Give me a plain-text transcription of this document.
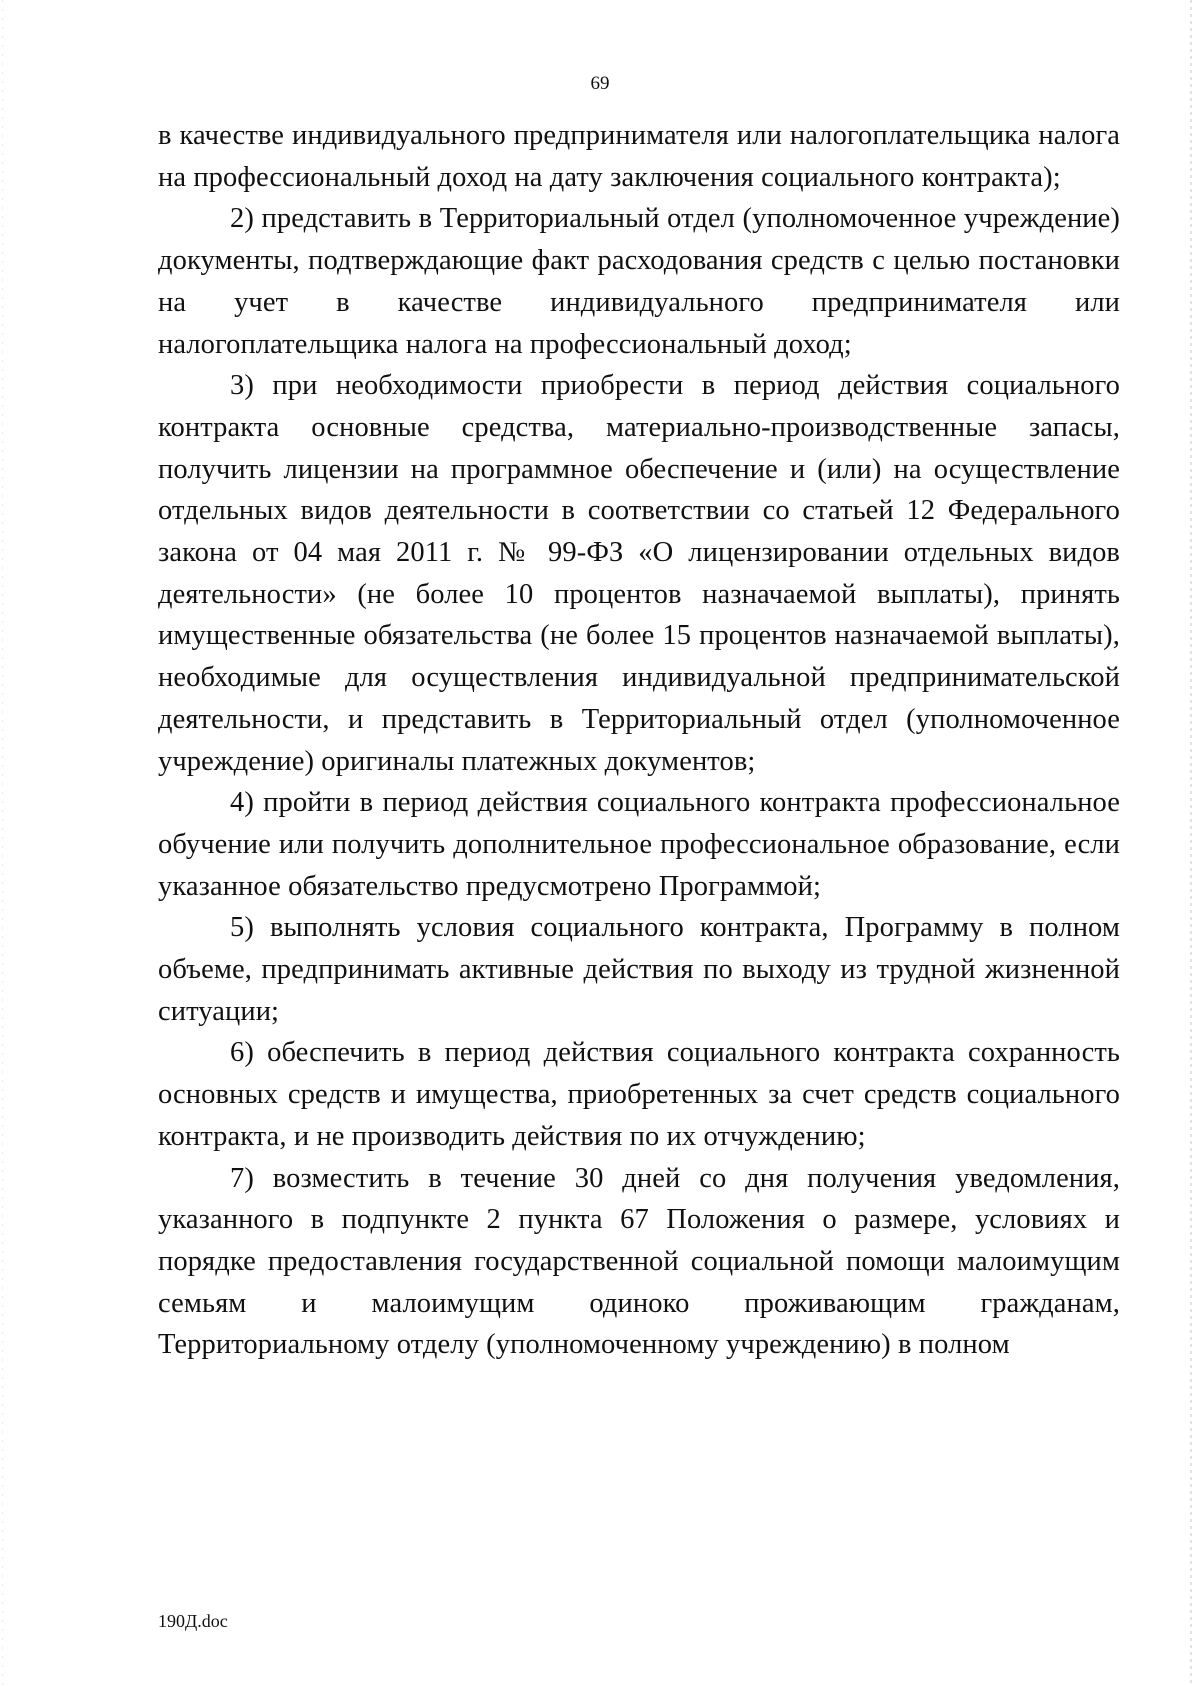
69

в качестве индивидуального предпринимателя или налогоплательщика налога на профессиональный доход на дату заключения социального контракта);

2) представить в Территориальный отдел (уполномоченное учреждение) документы, подтверждающие факт расходования средств с целью постановки на учет в качестве индивидуального предпринимателя или налогоплательщика налога на профессиональный доход;

3) при необходимости приобрести в период действия социального контракта основные средства, материально-производственные запасы, получить лицензии на программное обеспечение и (или) на осуществление отдельных видов деятельности в соответствии со статьей 12 Федерального закона от 04 мая 2011 г. № 99-ФЗ «О лицензировании отдельных видов деятельности» (не более 10 процентов назначаемой выплаты), принять имущественные обязательства (не более 15 процентов назначаемой выплаты), необходимые для осуществления индивидуальной предпринимательской деятельности, и представить в Территориальный отдел (уполномоченное учреждение) оригиналы платежных документов;

4) пройти в период действия социального контракта профессиональное обучение или получить дополнительное профессиональное образование, если указанное обязательство предусмотрено Программой;

5) выполнять условия социального контракта, Программу в полном объеме, предпринимать активные действия по выходу из трудной жизненной ситуации;

6) обеспечить в период действия социального контракта сохранность основных средств и имущества, приобретенных за счет средств социального контракта, и не производить действия по их отчуждению;

7) возместить в течение 30 дней со дня получения уведомления, указанного в подпункте 2 пункта 67 Положения о размере, условиях и порядке предоставления государственной социальной помощи малоимущим семьям и малоимущим одиноко проживающим гражданам, Территориальному отделу (уполномоченному учреждению) в полном

190Д.doc
